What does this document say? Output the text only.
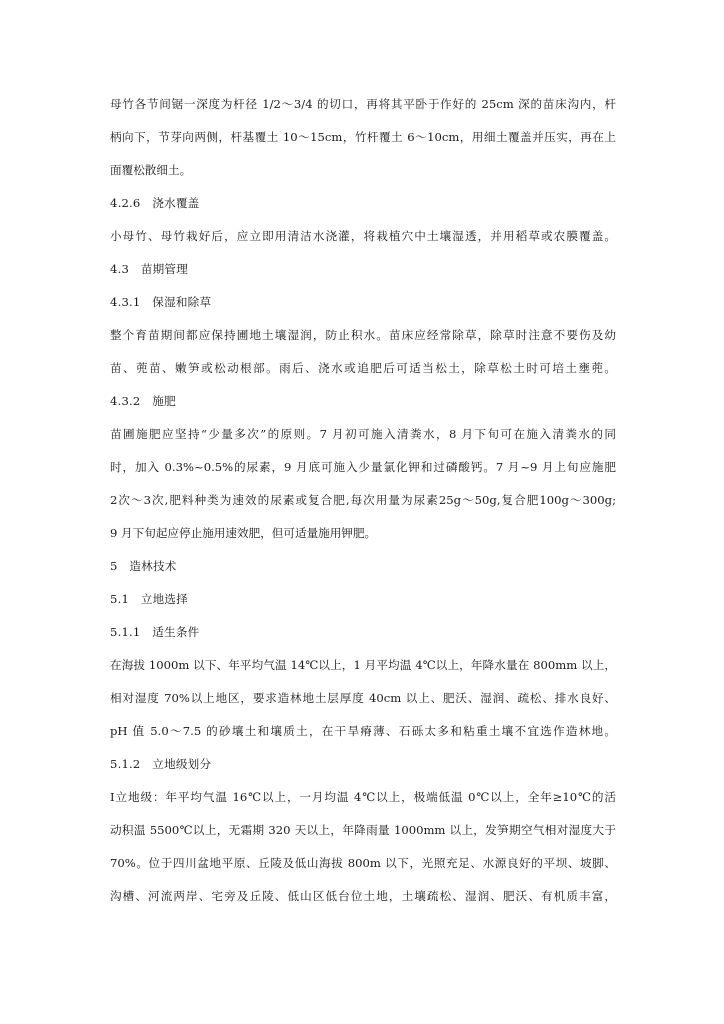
母竹各节间锯一深度为杆径 1/2～3/4 的切口，再将其平卧于作好的 25cm 深的苗床沟内，杆
柄向下，节芽向两侧，杆基覆土 10～15cm，竹杆覆土 6～10cm，用细土覆盖并压实，再在上
面覆松散细土。
4.2.6　浇水覆盖
小母竹、母竹栽好后，应立即用清洁水浇灌，将栽植穴中土壤湿透，并用稻草或农膜覆盖。
4.3　苗期管理
4.3.1　保湿和除草
整个育苗期间都应保持圃地土壤湿润，防止积水。苗床应经常除草，除草时注意不要伤及幼
苗、蔸苗、嫩笋或松动根部。雨后、浇水或追肥后可适当松土，除草松土时可培土壅蔸。
4.3.2　施肥
苗圃施肥应坚持“少量多次”的原则。7 月初可施入清粪水，8 月下旬可在施入清粪水的同
时，加入 0.3%~0.5%的尿素，9 月底可施入少量氯化钾和过磷酸钙。7 月~9 月上旬应施肥
2次～3次,肥料种类为速效的尿素或复合肥,每次用量为尿素25g～50g,复合肥100g～300g;
9 月下旬起应停止施用速效肥，但可适量施用钾肥。
5　造林技术
5.1　立地选择
5.1.1　适生条件
在海拔 1000m 以下、年平均气温 14℃以上，1 月平均温 4℃以上，年降水量在 800mm 以上，
相对湿度 70%以上地区，要求造林地土层厚度 40cm 以上、肥沃、湿润、疏松、排水良好、
pH 值 5.0～7.5 的砂壤土和壤质土，在干旱瘠薄、石砾太多和粘重土壤不宜选作造林地。
5.1.2　立地级划分
Ⅰ立地级：年平均气温 16℃以上，一月均温 4℃以上，极端低温 0℃以上，全年≥10℃的活
动积温 5500℃以上，无霜期 320 天以上，年降雨量 1000mm 以上，发笋期空气相对湿度大于
70%。位于四川盆地平原、丘陵及低山海拔 800m 以下，光照充足、水源良好的平坝、坡脚、
沟槽、河流两岸、宅旁及丘陵、低山区低台位土地，土壤疏松、湿润、肥沃、有机质丰富，
